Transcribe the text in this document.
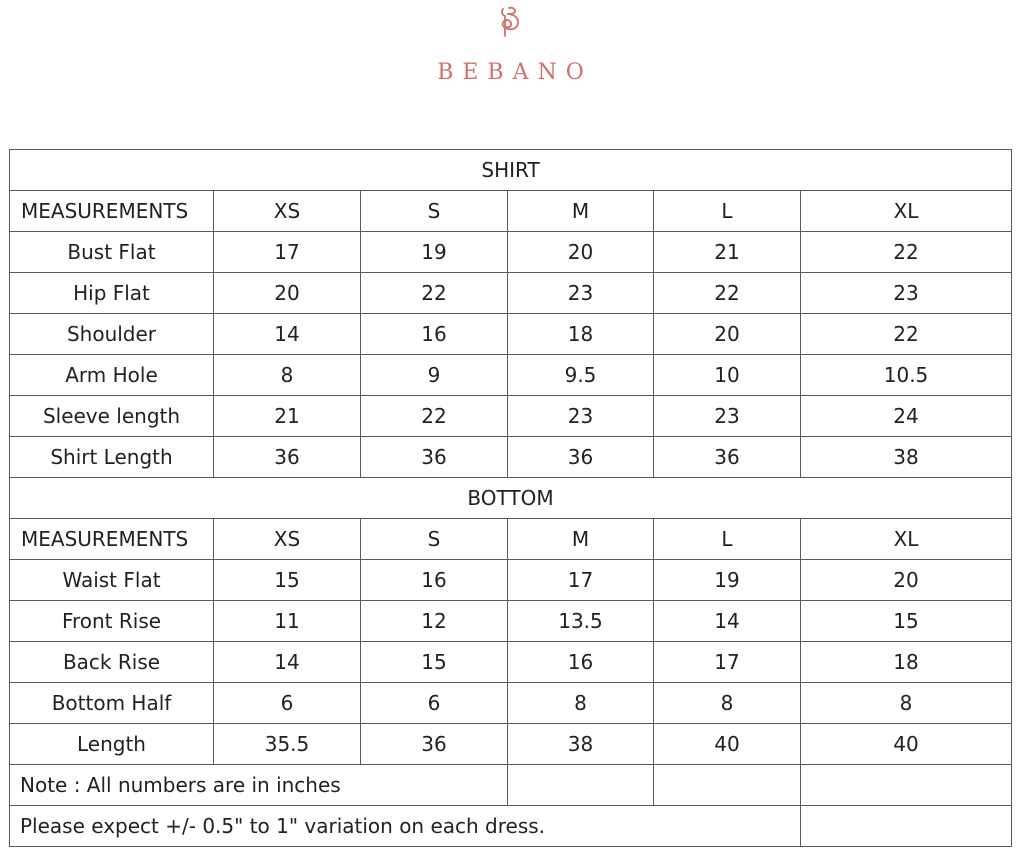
BEBANO
SHIRT					
MEASUREMENTS	XS	S	M	L	XL
Bust Flat	17	19	20	21	22
Hip Flat	20	22	23	22	23
Shoulder	14	16	18	20	22
Arm Hole	8	9	9.5	10	10.5
Sleeve length	21	22	23	23	24
Shirt Length	36	36	36	36	38
BOTTOM					
MEASUREMENTS	XS	S	M	L	XL
Waist Flat	15	16	17	19	20
Front Rise	11	12	13.5	14	15
Back Rise	14	15	16	17	18
Bottom Half	6	6	8	8	8
Length	35.5	36	38	40	40
Note : All numbers are in inches					
Please expect +/- 0.5" to 1" variation on each dress.					
